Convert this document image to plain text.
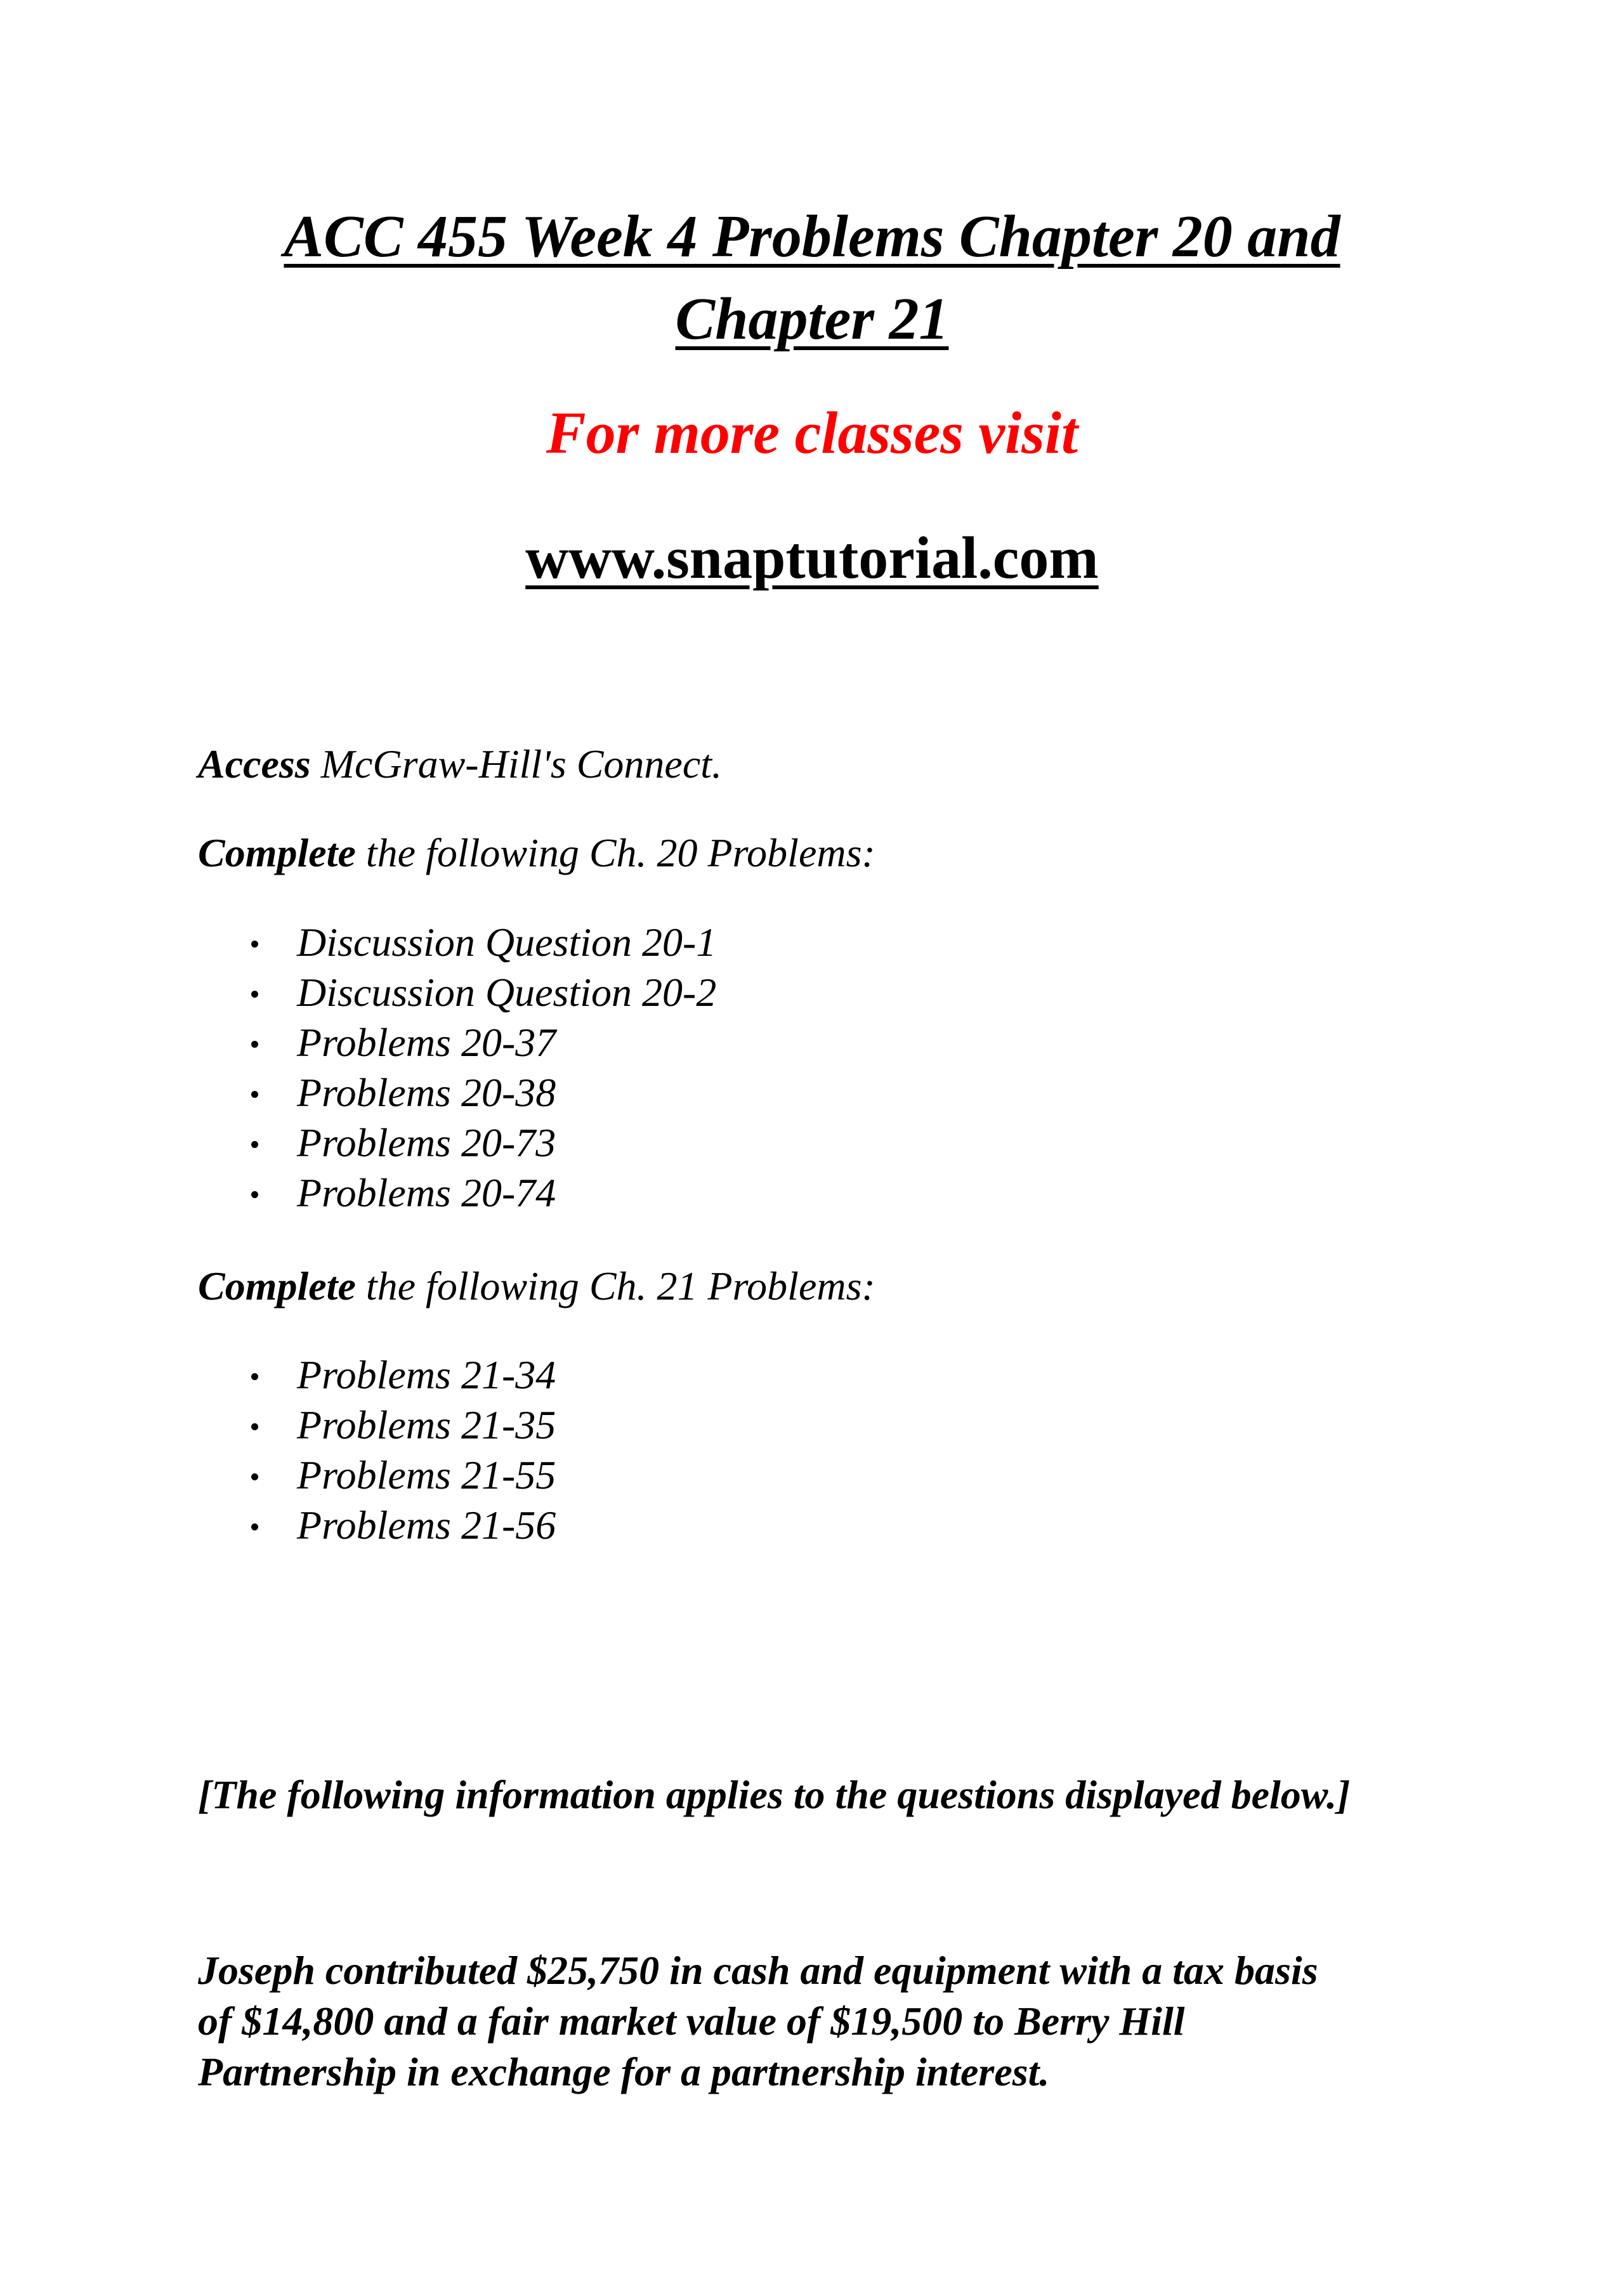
ACC 455 Week 4 Problems Chapter 20 and
Chapter 21
For more classes visit
www.snaptutorial.com
Access McGraw-Hill's Connect.
Complete the following Ch. 20 Problems:
Discussion Question 20-1
Discussion Question 20-2
Problems 20-37
Problems 20-38
Problems 20-73
Problems 20-74
Complete the following Ch. 21 Problems:
Problems 21-34
Problems 21-35
Problems 21-55
Problems 21-56
[The following information applies to the questions displayed below.]
Joseph contributed $25,750 in cash and equipment with a tax basis
of $14,800 and a fair market value of $19,500 to Berry Hill
Partnership in exchange for a partnership interest.
